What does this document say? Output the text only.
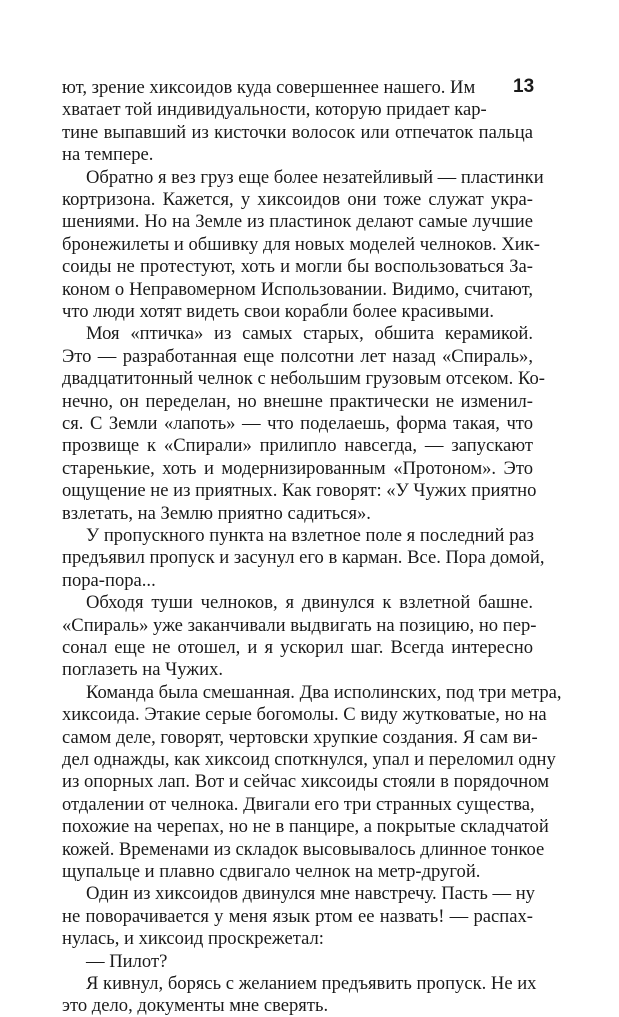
13
ют, зрение хиксоидов куда совершеннее нашего. Им
хватает той индивидуальности, которую придает кар-
тине выпавший из кисточки волосок или отпечаток пальца
на темпере.
Обратно я вез груз еще более незатейливый — пластинки
кортризона. Кажется, у хиксоидов они тоже служат укра-
шениями. Но на Земле из пластинок делают самые лучшие
бронежилеты и обшивку для новых моделей челноков. Хик-
соиды не протестуют, хоть и могли бы воспользоваться За-
коном о Неправомерном Использовании. Видимо, считают,
что люди хотят видеть свои корабли более красивыми.
Моя «птичка» из самых старых, обшита керамикой.
Это — разработанная еще полсотни лет назад «Спираль»,
двадцатитонный челнок с небольшим грузовым отсеком. Ко-
нечно, он переделан, но внешне практически не изменил-
ся. С Земли «лапоть» — что поделаешь, форма такая, что
прозвище к «Спирали» прилипло навсегда, — запускают
старенькие, хоть и модернизированным «Протоном». Это
ощущение не из приятных. Как говорят: «У Чужих приятно
взлетать, на Землю приятно садиться».
У пропускного пункта на взлетное поле я последний раз
предъявил пропуск и засунул его в карман. Все. Пора домой,
пора-пора...
Обходя туши челноков, я двинулся к взлетной башне.
«Спираль» уже заканчивали выдвигать на позицию, но пер-
сонал еще не отошел, и я ускорил шаг. Всегда интересно
поглазеть на Чужих.
Команда была смешанная. Два исполинских, под три метра,
хиксоида. Этакие серые богомолы. С виду жутковатые, но на
самом деле, говорят, чертовски хрупкие создания. Я сам ви-
дел однажды, как хиксоид споткнулся, упал и переломил одну
из опорных лап. Вот и сейчас хиксоиды стояли в порядочном
отдалении от челнока. Двигали его три странных существа,
похожие на черепах, но не в панцире, а покрытые складчатой
кожей. Временами из складок высовывалось длинное тонкое
щупальце и плавно сдвигало челнок на метр-другой.
Один из хиксоидов двинулся мне навстречу. Пасть — ну
не поворачивается у меня язык ртом ее назвать! — распах-
нулась, и хиксоид проскрежетал:
— Пилот?
Я кивнул, борясь с желанием предъявить пропуск. Не их
это дело, документы мне сверять.
